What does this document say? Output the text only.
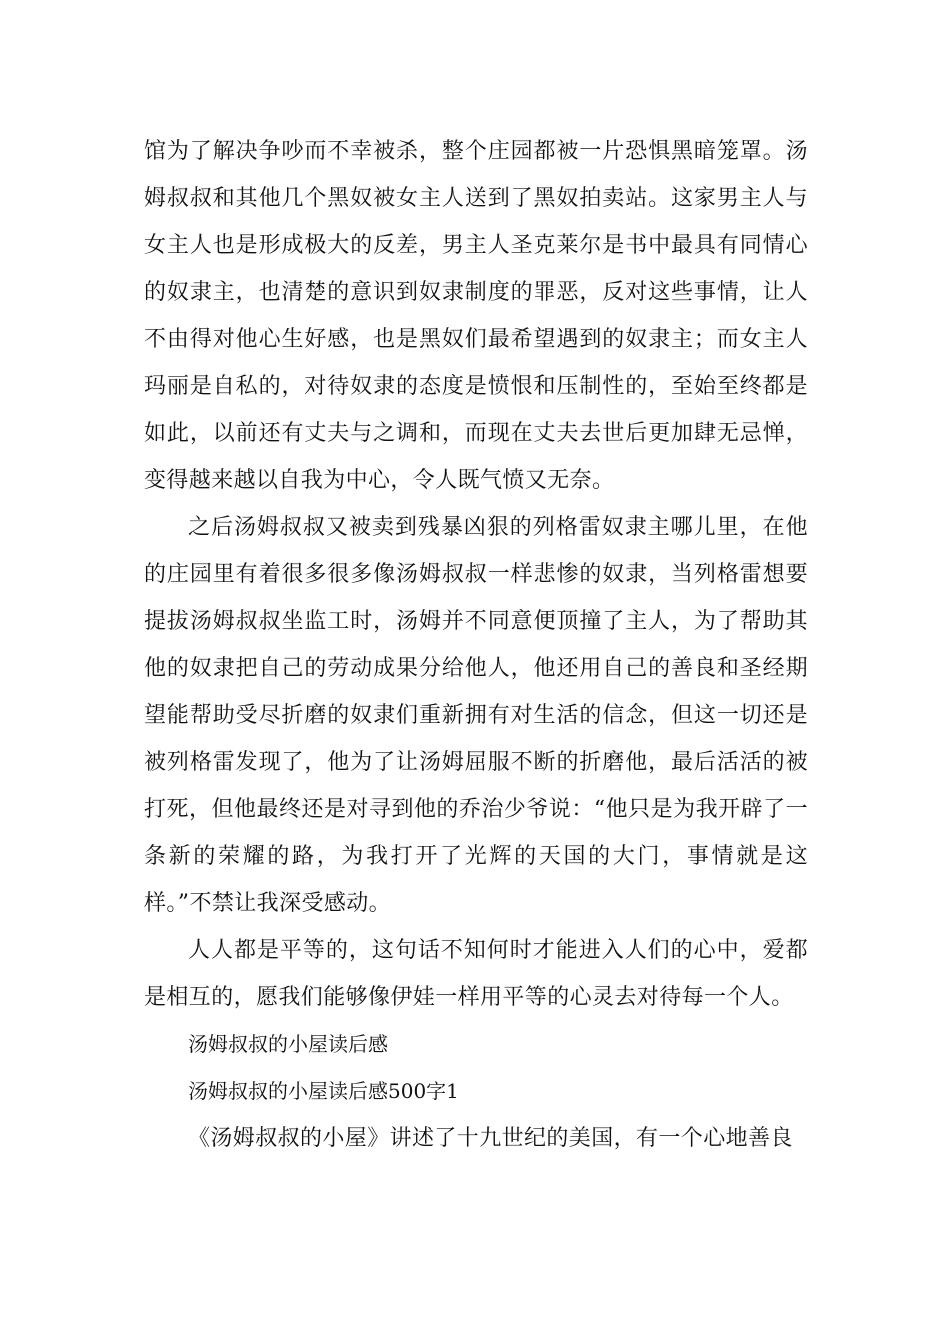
馆为了解决争吵而不幸被杀，整个庄园都被一片恐惧黑暗笼罩。汤姆叔叔和其他几个黑奴被女主人送到了黑奴拍卖站。这家男主人与女主人也是形成极大的反差，男主人圣克莱尔是书中最具有同情心的奴隶主，也清楚的意识到奴隶制度的罪恶，反对这些事情，让人不由得对他心生好感，也是黑奴们最希望遇到的奴隶主；而女主人玛丽是自私的，对待奴隶的态度是愤恨和压制性的，至始至终都是如此，以前还有丈夫与之调和，而现在丈夫去世后更加肆无忌惮，变得越来越以自我为中心，令人既气愤又无奈。

之后汤姆叔叔又被卖到残暴凶狠的列格雷奴隶主哪儿里，在他的庄园里有着很多很多像汤姆叔叔一样悲惨的奴隶，当列格雷想要提拔汤姆叔叔坐监工时，汤姆并不同意便顶撞了主人，为了帮助其他的奴隶把自己的劳动成果分给他人，他还用自己的善良和圣经期望能帮助受尽折磨的奴隶们重新拥有对生活的信念，但这一切还是被列格雷发现了，他为了让汤姆屈服不断的折磨他，最后活活的被打死，但他最终还是对寻到他的乔治少爷说：“他只是为我开辟了一条新的荣耀的路，为我打开了光辉的天国的大门，事情就是这样。”不禁让我深受感动。

人人都是平等的，这句话不知何时才能进入人们的心中，爱都是相互的，愿我们能够像伊娃一样用平等的心灵去对待每一个人。

汤姆叔叔的小屋读后感

汤姆叔叔的小屋读后感500字1

《汤姆叔叔的小屋》讲述了十九世纪的美国，有一个心地善良
